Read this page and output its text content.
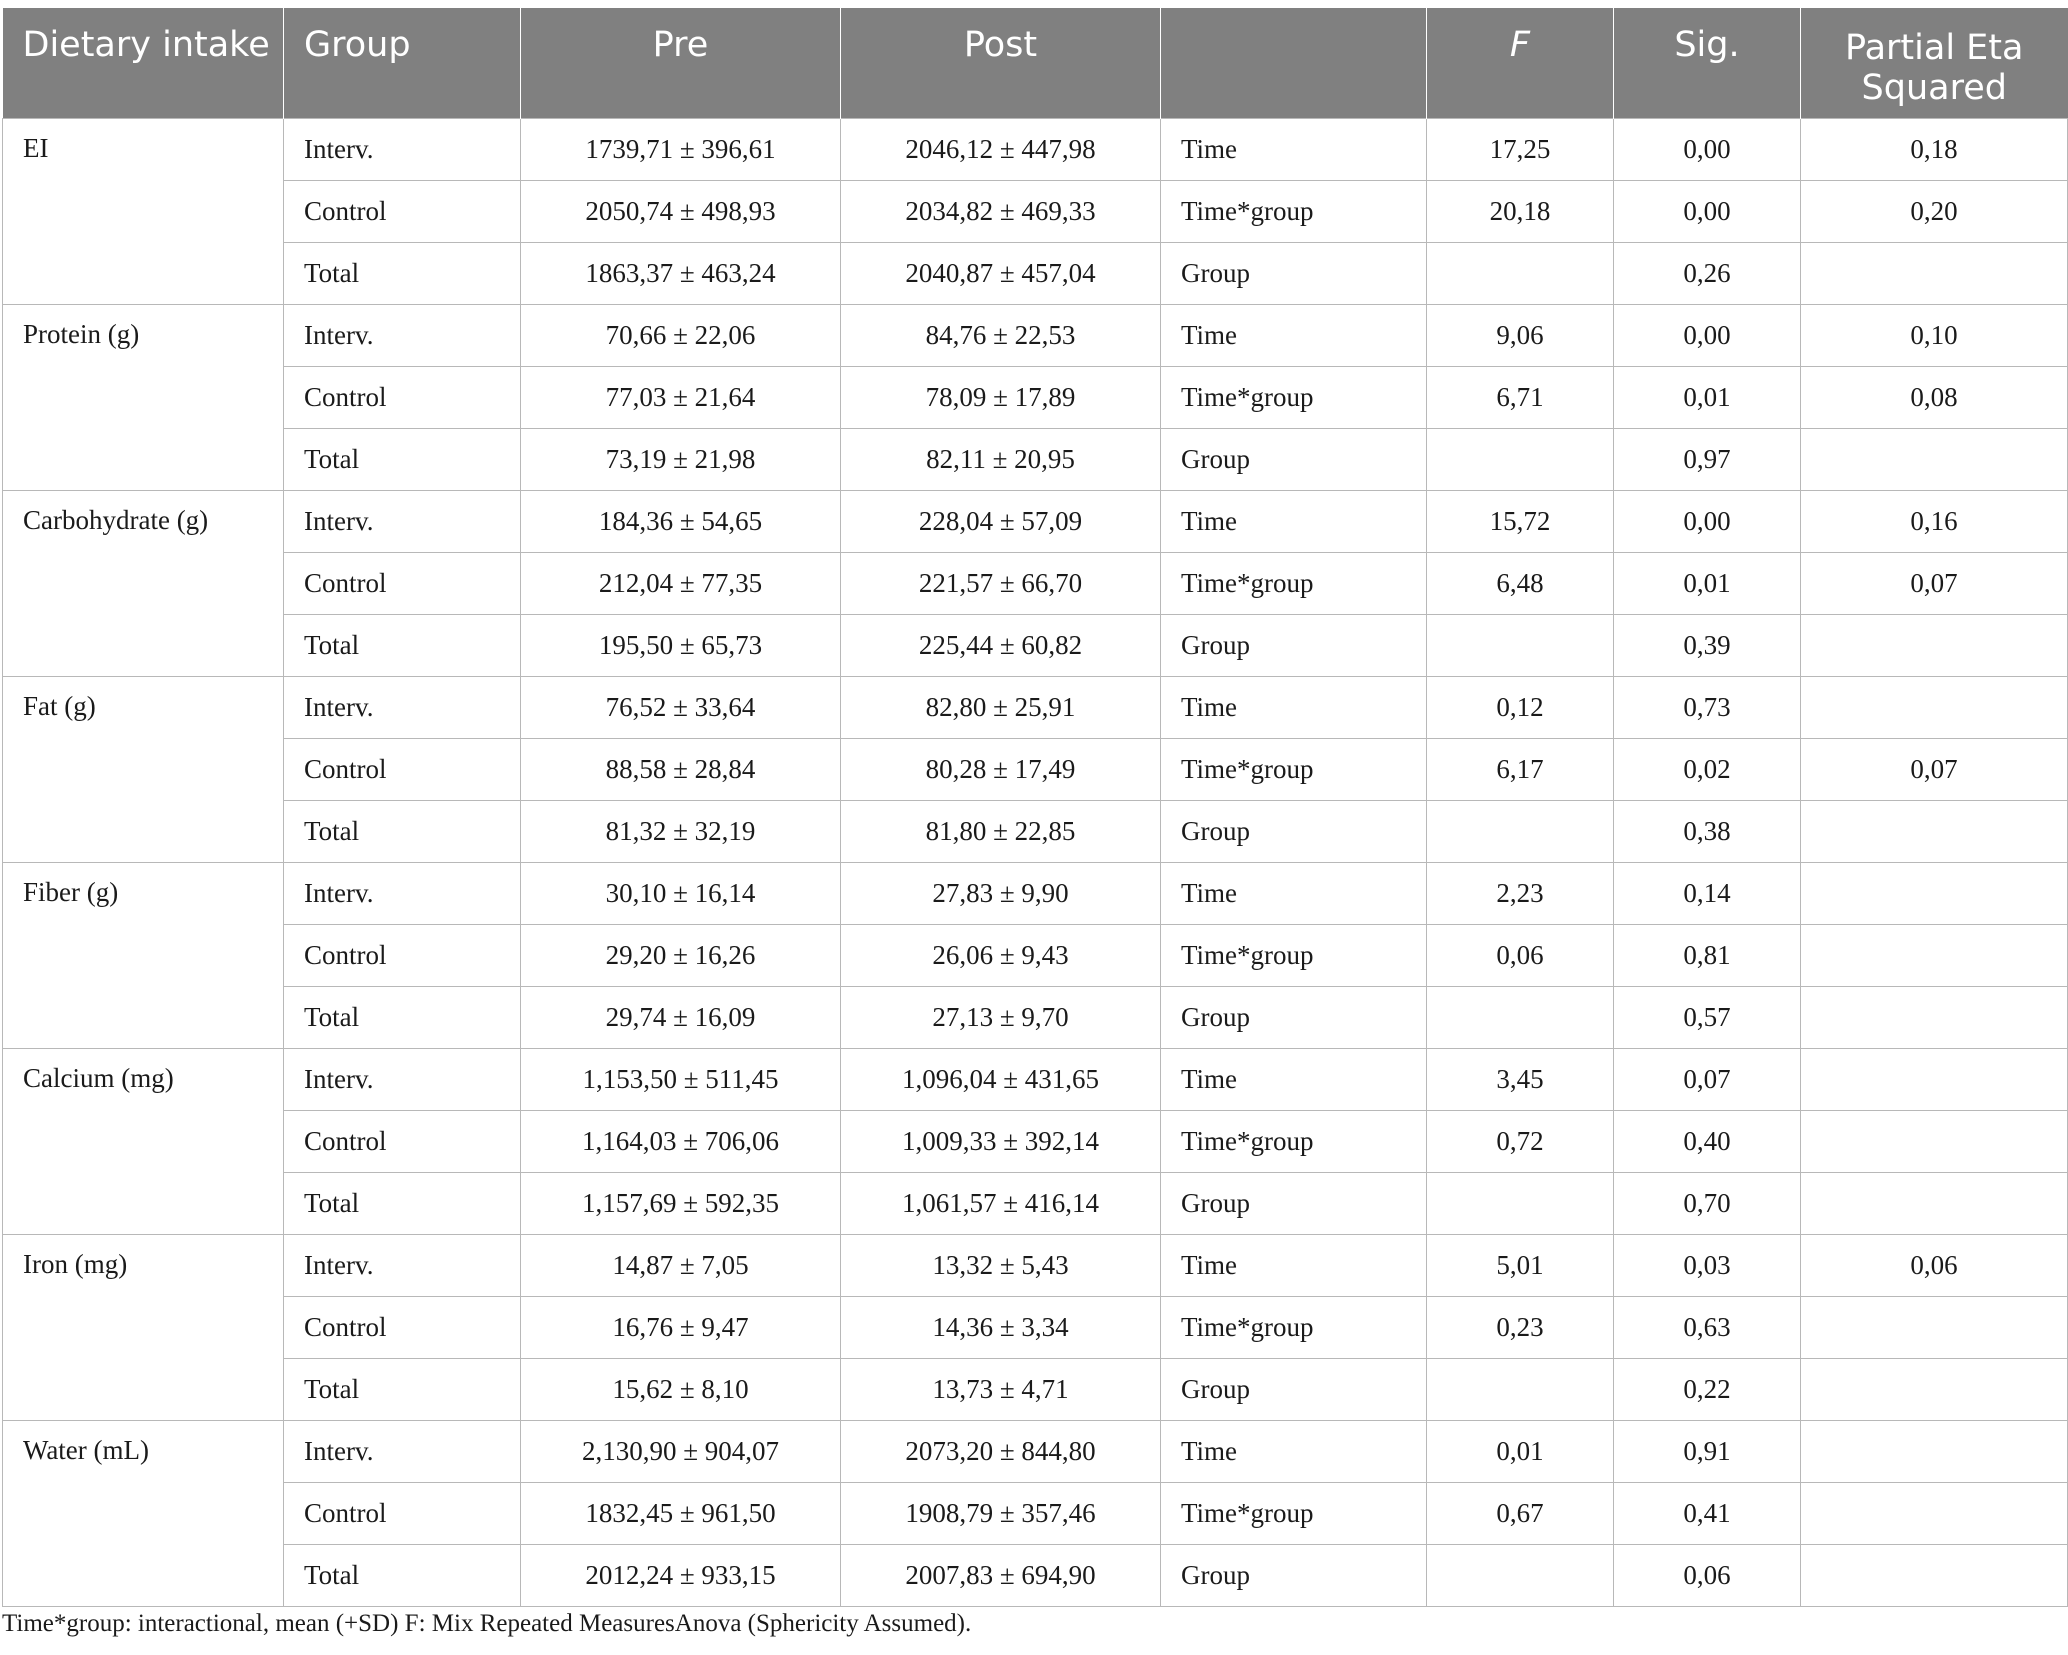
Dietary intake	Group	Pre	Post		F	Sig.	Partial Eta Squared

EI	Interv.	1739,71 ± 396,61	2046,12 ± 447,98	Time	17,25	0,00	0,18
	Control	2050,74 ± 498,93	2034,82 ± 469,33	Time*group	20,18	0,00	0,20
	Total	1863,37 ± 463,24	2040,87 ± 457,04	Group		0,26	
Protein (g)	Interv.	70,66 ± 22,06	84,76 ± 22,53	Time	9,06	0,00	0,10
	Control	77,03 ± 21,64	78,09 ± 17,89	Time*group	6,71	0,01	0,08
	Total	73,19 ± 21,98	82,11 ± 20,95	Group		0,97	
Carbohydrate (g)	Interv.	184,36 ± 54,65	228,04 ± 57,09	Time	15,72	0,00	0,16
	Control	212,04 ± 77,35	221,57 ± 66,70	Time*group	6,48	0,01	0,07
	Total	195,50 ± 65,73	225,44 ± 60,82	Group		0,39	
Fat (g)	Interv.	76,52 ± 33,64	82,80 ± 25,91	Time	0,12	0,73	
	Control	88,58 ± 28,84	80,28 ± 17,49	Time*group	6,17	0,02	0,07
	Total	81,32 ± 32,19	81,80 ± 22,85	Group		0,38	
Fiber (g)	Interv.	30,10 ± 16,14	27,83 ± 9,90	Time	2,23	0,14	
	Control	29,20 ± 16,26	26,06 ± 9,43	Time*group	0,06	0,81	
	Total	29,74 ± 16,09	27,13 ± 9,70	Group		0,57	
Calcium (mg)	Interv.	1,153,50 ± 511,45	1,096,04 ± 431,65	Time	3,45	0,07	
	Control	1,164,03 ± 706,06	1,009,33 ± 392,14	Time*group	0,72	0,40	
	Total	1,157,69 ± 592,35	1,061,57 ± 416,14	Group		0,70	
Iron (mg)	Interv.	14,87 ± 7,05	13,32 ± 5,43	Time	5,01	0,03	0,06
	Control	16,76 ± 9,47	14,36 ± 3,34	Time*group	0,23	0,63	
	Total	15,62 ± 8,10	13,73 ± 4,71	Group		0,22	
Water (mL)	Interv.	2,130,90 ± 904,07	2073,20 ± 844,80	Time	0,01	0,91	
	Control	1832,45 ± 961,50	1908,79 ± 357,46	Time*group	0,67	0,41	
	Total	2012,24 ± 933,15	2007,83 ± 694,90	Group		0,06	
Time*group: interactional, mean (+SD) F: Mix Repeated MeasuresAnova (Sphericity Assumed).
